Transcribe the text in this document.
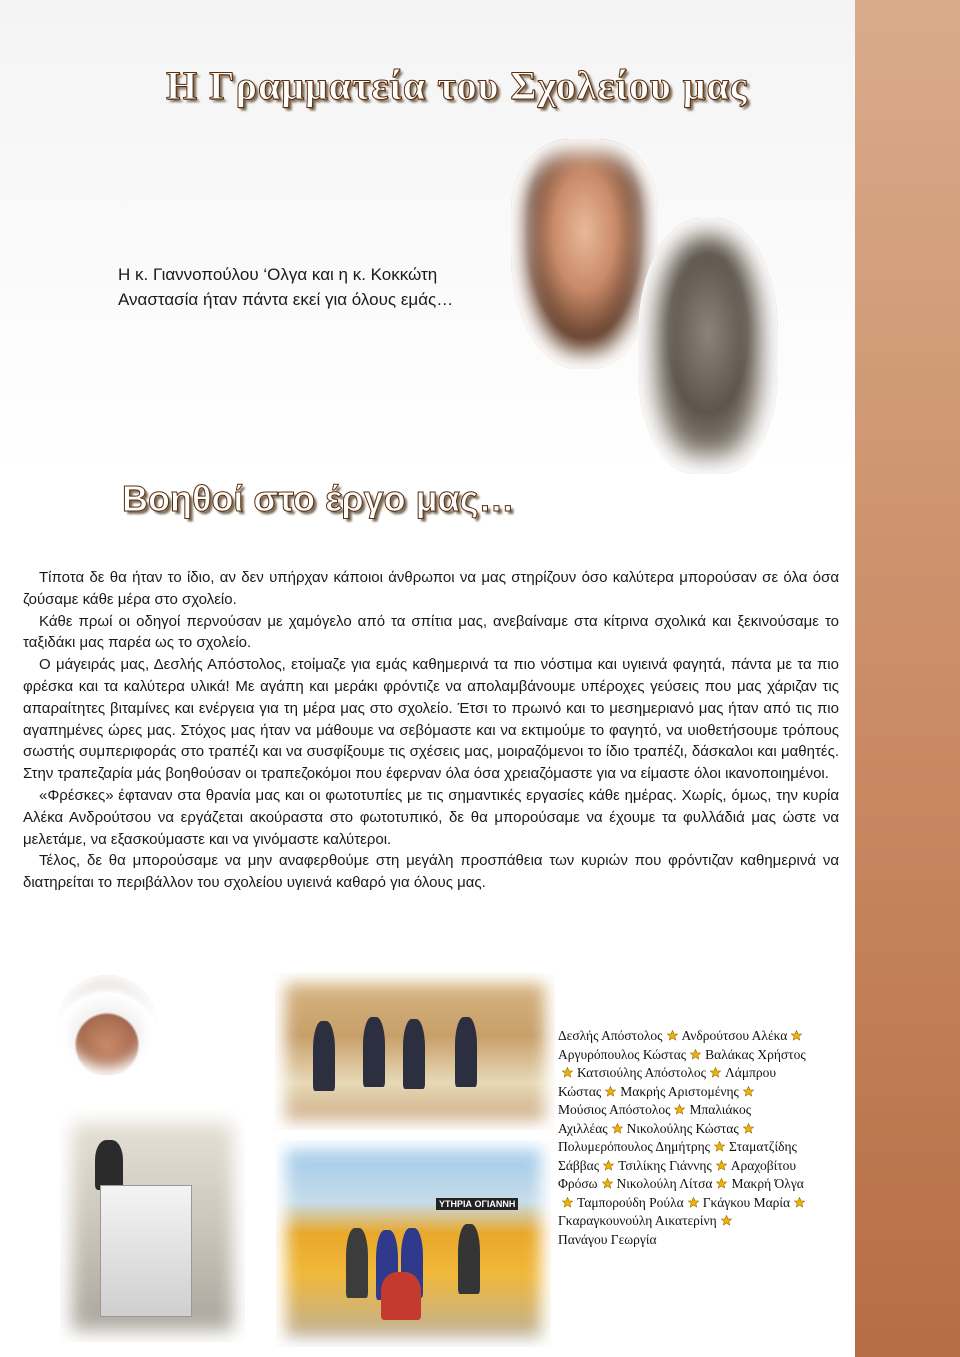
Η Γραμματεία του Σχολείου μας

Η κ. Γιαννοπούλου ‘Ολγα και η κ. Κοκκώτη Αναστασία ήταν πάντα εκεί για όλους εμάς…

Βοηθοί στο έργο μας…

Τίποτα δε θα ήταν το ίδιο, αν δεν υπήρχαν κάποιοι άνθρωποι να μας στηρίζουν όσο καλύτερα μπορούσαν σε όλα όσα ζούσαμε κάθε μέρα στο σχολείο.

Κάθε πρωί οι οδηγοί περνούσαν με χαμόγελο από τα σπίτια μας, ανεβαίναμε στα κίτρινα σχολικά και ξεκινούσαμε το ταξιδάκι μας παρέα ως το σχολείο.

Ο μάγειράς μας, Δεσλής Απόστολος, ετοίμαζε για εμάς καθημερινά τα πιο νόστιμα και υγιεινά φαγητά, πάντα με τα πιο φρέσκα και τα καλύτερα υλικά! Με αγάπη και μεράκι φρόντιζε να απολαμβάνουμε υπέροχες γεύσεις που μας χάριζαν τις απαραίτητες βιταμίνες και ενέργεια για τη μέρα μας στο σχολείο. Έτσι το πρωινό και το μεσημεριανό μας ήταν από τις πιο αγαπημένες ώρες μας. Στόχος μας ήταν να μάθουμε να σεβόμαστε και να εκτιμούμε το φαγητό, να υιοθετήσουμε τρόπους σωστής συμπεριφοράς στο τραπέζι και να συσφίξουμε τις σχέσεις μας, μοιραζόμενοι το ίδιο τραπέζι, δάσκαλοι και μαθητές. Στην τραπεζαρία μάς βοηθούσαν οι τραπεζοκόμοι που έφερναν όλα όσα χρειαζόμαστε για να είμαστε όλοι ικανοποιημένοι.

«Φρέσκες» έφταναν στα θρανία μας και οι φωτοτυπίες με τις σημαντικές εργασίες κάθε ημέρας. Χωρίς, όμως, την κυρία Αλέκα Ανδρούτσου να εργάζεται ακούραστα στο φωτοτυπικό, δε θα μπορούσαμε να έχουμε τα φυλλάδιά μας ώστε να μελετάμε, να εξασκούμαστε και να γινόμαστε καλύτεροι.

Τέλος, δε θα μπορούσαμε να μην αναφερθούμε στη μεγάλη προσπάθεια των κυριών που φρόντιζαν καθημερινά να διατηρείται το περιβάλλον του σχολείου υγιεινά καθαρό για όλους μας.

ΥΤΗΡΙΑ ΟΓΙΑΝΝΗ
Δεσλής Απόστολος Ανδρούτσου Αλέκα
Αργυρόπουλος Κώστας Βαλάκας Χρήστος
Κατσιούλης Απόστολος Λάμπρου
Κώστας Μακρής Αριστομένης
Μούσιος Απόστολος Μπαλιάκος
Αχιλλέας Νικολούλης Κώστας
Πολυμερόπουλος Δημήτρης Σταματζίδης
Σάββας Τσιλίκης Γιάννης Αραχοβίτου
Φρόσω Νικολούλη Λίτσα Μακρή Όλγα
Ταμπορούδη Ρούλα Γκάγκου Μαρία
Γκαραγκουνούλη Αικατερίνη
Πανάγου Γεωργία
